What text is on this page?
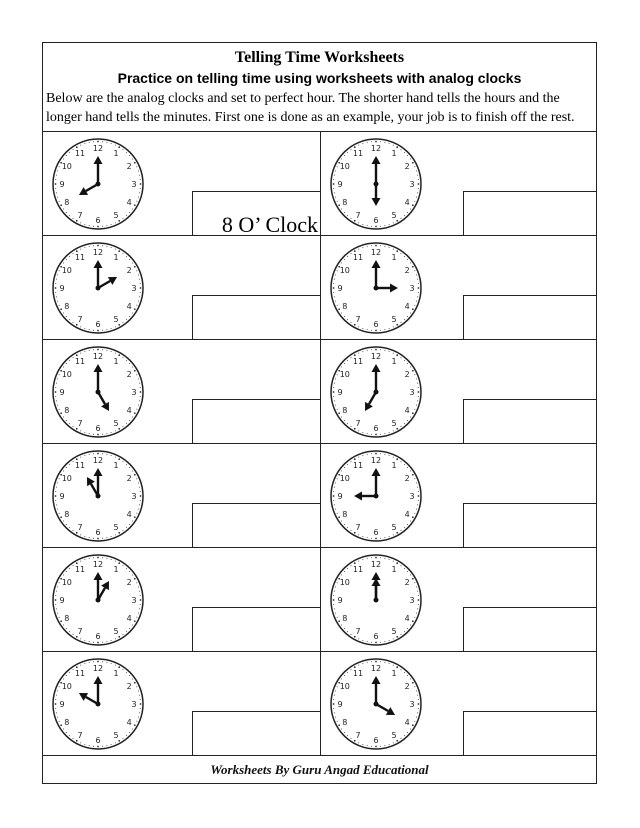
Telling Time Worksheets
Practice on telling time using worksheets with analog clocks
Below are the analog clocks and set to perfect hour. The shorter hand tells the hours and the longer hand tells the minutes. First one is done as an example, your job is to finish off the rest.
12
1
2
3
4
5
6
7
8
9
10
11
8 O’ Clock
12
1
2
3
4
5
6
7
8
9
10
11
12
1
2
3
4
5
6
7
8
9
10
11
12
1
2
3
4
5
6
7
8
9
10
11
12
1
2
3
4
5
6
7
8
9
10
11
12
1
2
3
4
5
6
7
8
9
10
11
12
1
2
3
4
5
6
7
8
9
10
11
12
1
2
3
4
5
6
7
8
9
10
11
12
1
2
3
4
5
6
7
8
9
10
11
12
1
2
3
4
5
6
7
8
9
10
11
12
1
2
3
4
5
6
7
8
9
10
11
12
1
2
3
4
5
6
7
8
9
10
11
Worksheets By Guru Angad Educational
